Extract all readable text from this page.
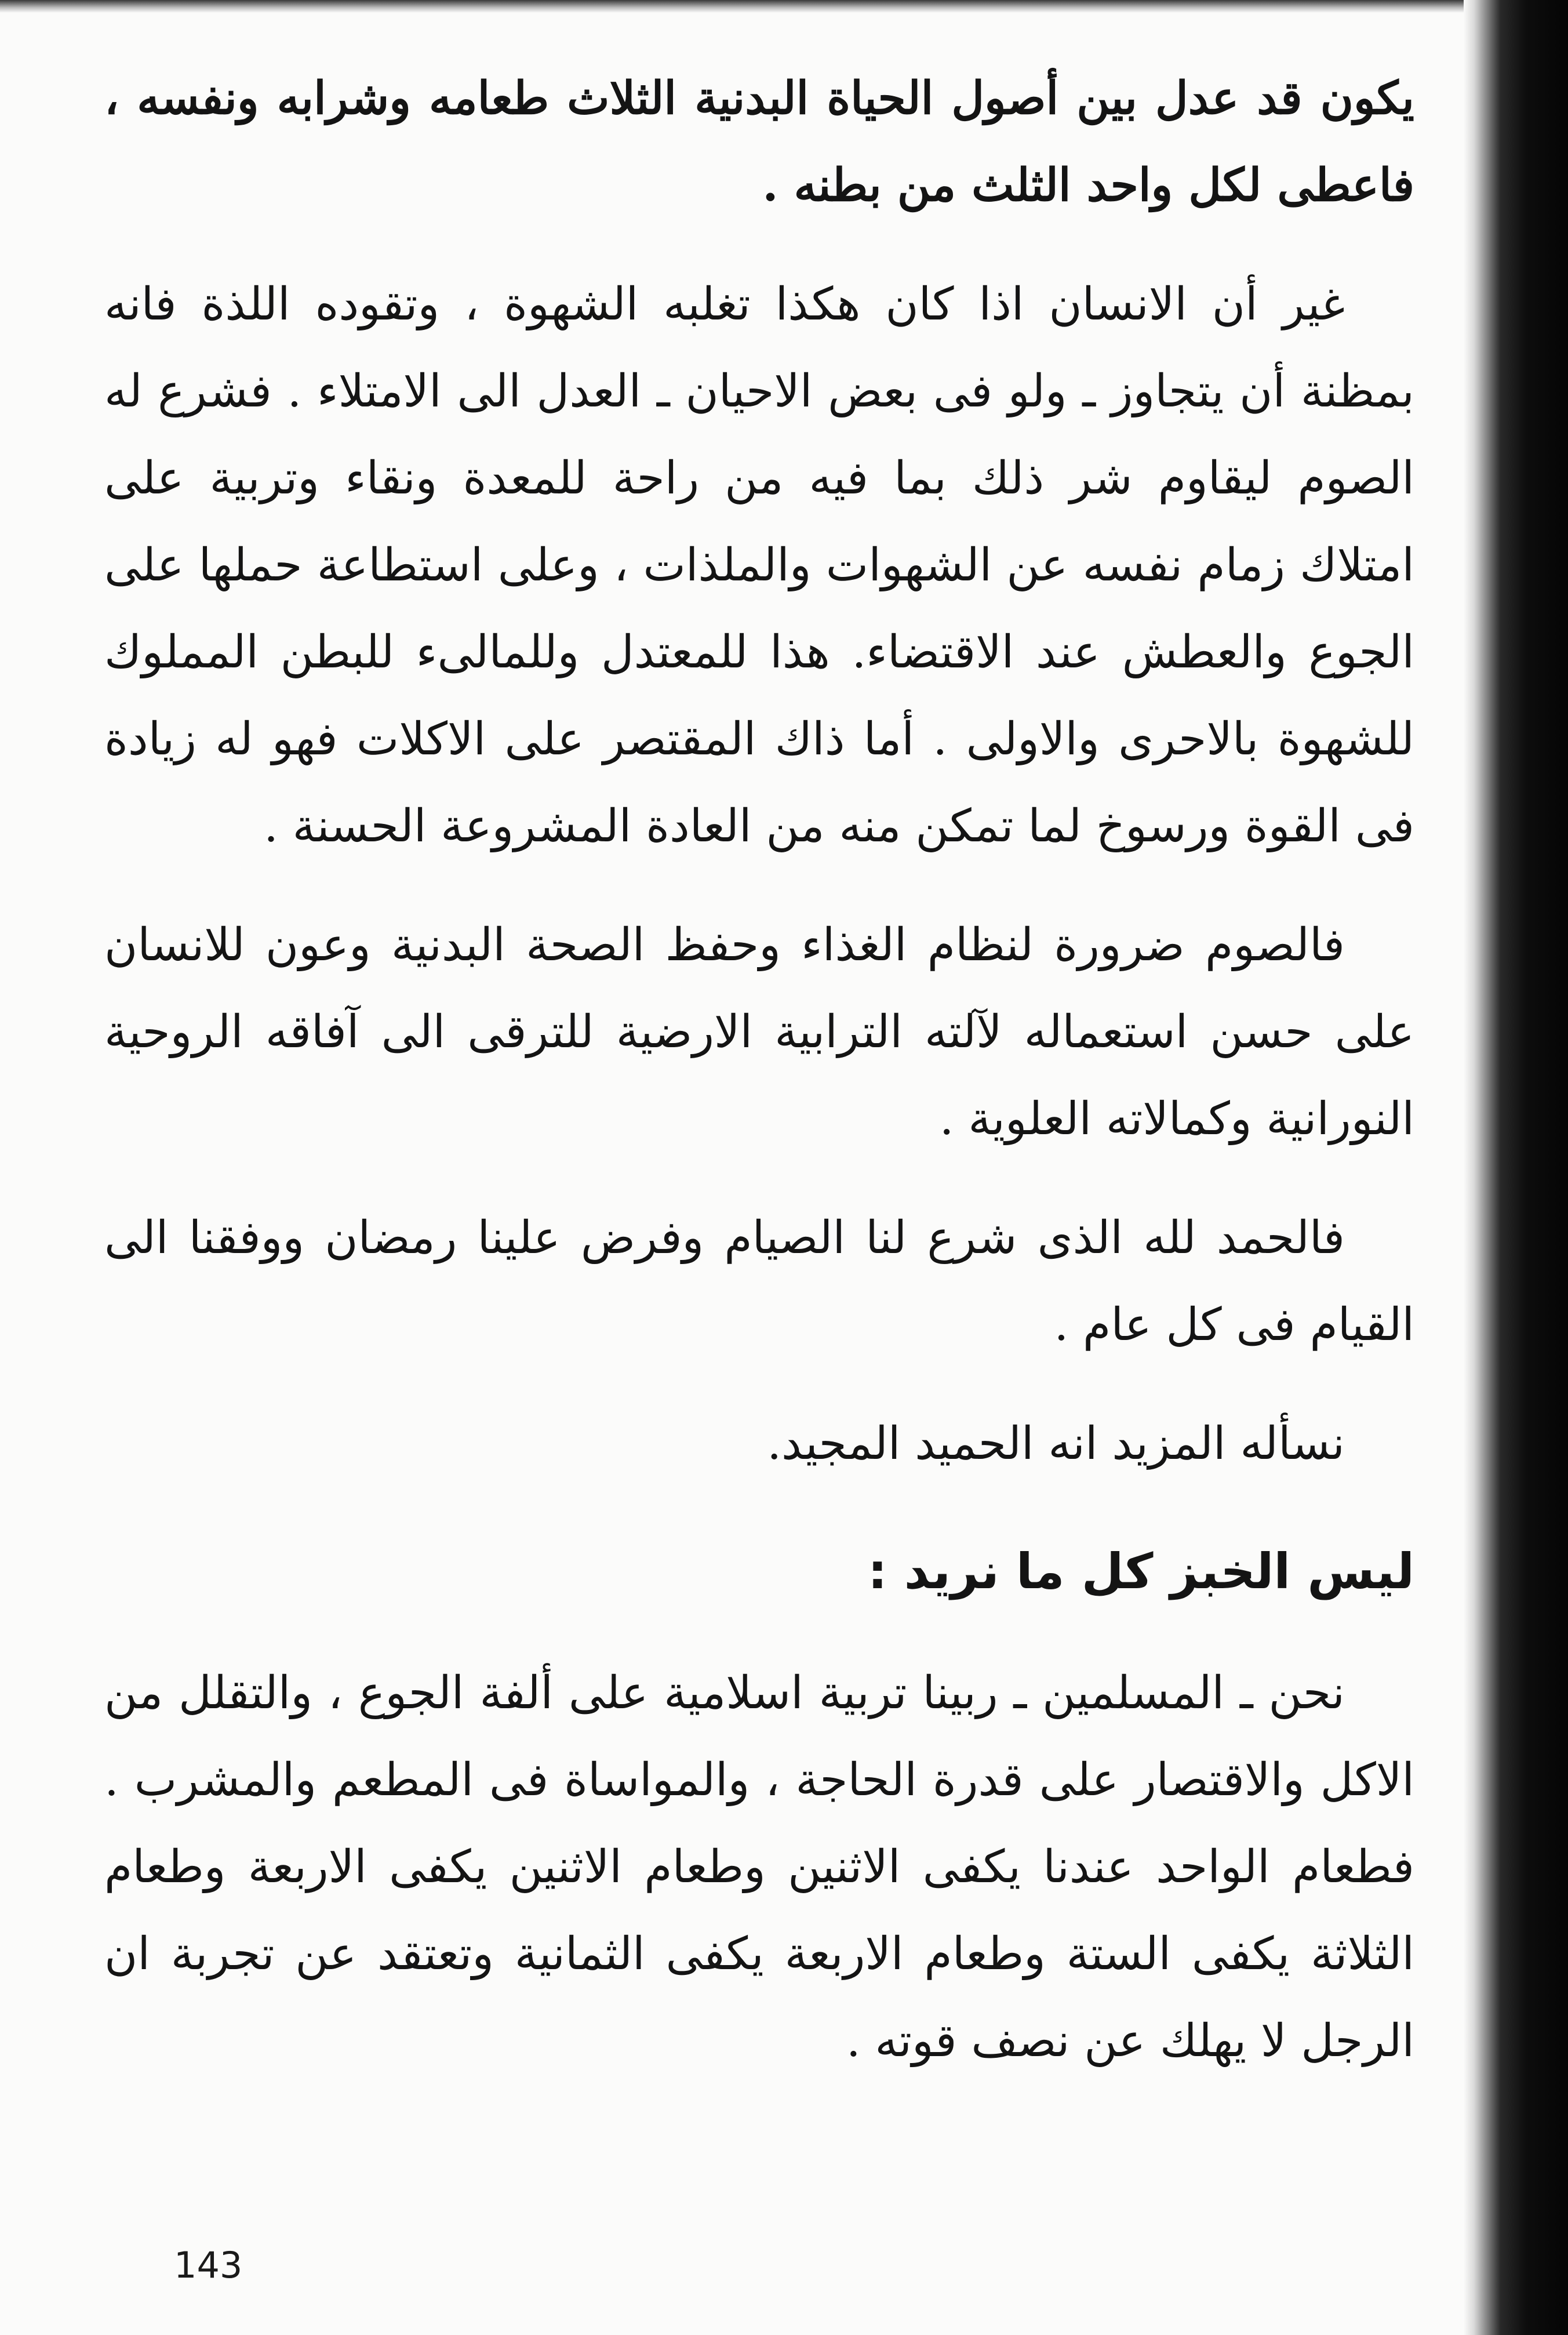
يكون قد عدل بين أصول الحياة البدنية الثلاث طعامه وشرابه ونفسه ، فاعطى لكل واحد الثلث من بطنه .

غير أن الانسان اذا كان هكذا تغلبه الشهوة ، وتقوده اللذة فانه بمظنة أن يتجاوز ـ ولو فى بعض الاحيان ـ العدل الى الامتلاء . فشرع له الصوم ليقاوم شر ذلك بما فيه من راحة للمعدة ونقاء وتربية على امتلاك زمام نفسه عن الشهوات والملذات ، وعلى استطاعة حملها على الجوع والعطش عند الاقتضاء. هذا للمعتدل وللمالىء للبطن المملوك للشهوة بالاحرى والاولى . أما ذاك المقتصر على الاكلات فهو له زيادة فى القوة ورسوخ لما تمكن منه من العادة المشروعة الحسنة .

فالصوم ضرورة لنظام الغذاء وحفظ الصحة البدنية وعون للانسان على حسن استعماله لآلته الترابية الارضية للترقى الى آفاقه الروحية النورانية وكمالاته العلوية .

فالحمد لله الذى شرع لنا الصيام وفرض علينا رمضان ووفقنا الى القيام فى كل عام .

نسأله المزيد انه الحميد المجيد.

ليس الخبز كل ما نريد :

نحن ـ المسلمين ـ ربينا تربية اسلامية على ألفة الجوع ، والتقلل من الاكل والاقتصار على قدرة الحاجة ، والمواساة فى المطعم والمشرب . فطعام الواحد عندنا يكفى الاثنين وطعام الاثنين يكفى الاربعة وطعام الثلاثة يكفى الستة وطعام الاربعة يكفى الثمانية وتعتقد عن تجربة ان الرجل لا يهلك عن نصف قوته .

143
